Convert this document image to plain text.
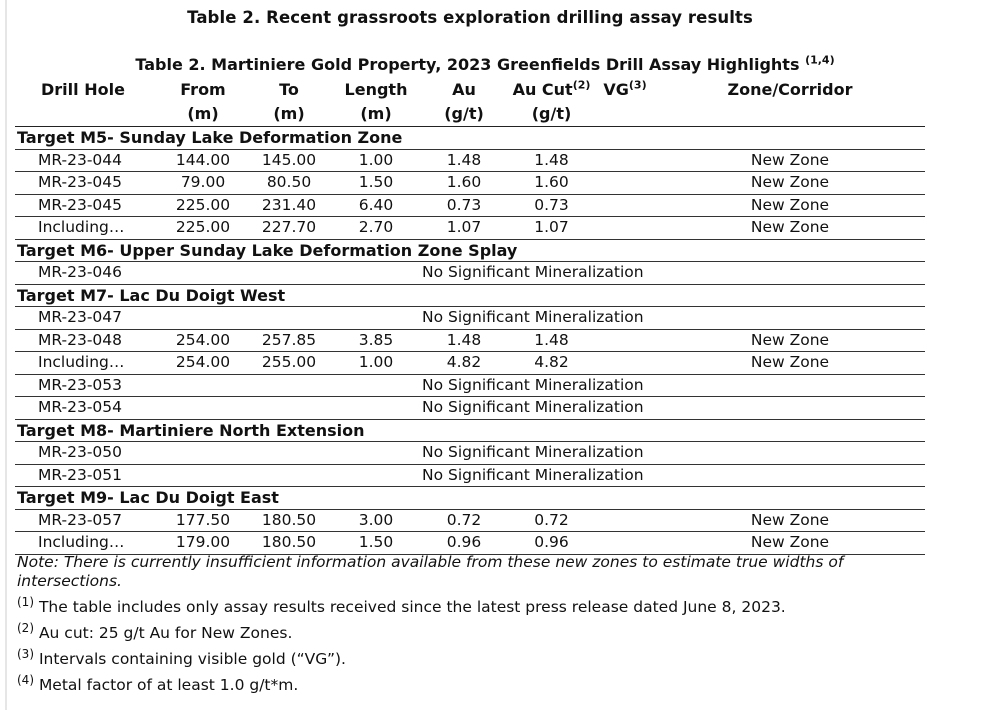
Table 2. Recent grassroots exploration drilling assay results
Table 2. Martiniere Gold Property, 2023 Greenfields Drill Assay Highlights $^{(1,4)}$
Drill Hole	From	To	Length	Au	Au Cut$^{(2)}$	VG$^{(3)}$	Zone/Corridor
	(m)	(m)	(m)	(g/t)	(g/t)		
Target M5- Sunday Lake Deformation Zone							
MR-23-044	144.00	145.00	1.00	1.48	1.48		New Zone
MR-23-045	79.00	80.50	1.50	1.60	1.60		New Zone
MR-23-045	225.00	231.40	6.40	0.73	0.73		New Zone
Including…	225.00	227.70	2.70	1.07	1.07		New Zone
Target M6- Upper Sunday Lake Deformation Zone Splay							
MR-23-046				No Significant Mineralization			
Target M7- Lac Du Doigt West							
MR-23-047				No Significant Mineralization			
MR-23-048	254.00	257.85	3.85	1.48	1.48		New Zone
Including…	254.00	255.00	1.00	4.82	4.82		New Zone
MR-23-053				No Significant Mineralization			
MR-23-054				No Significant Mineralization			
Target M8- Martiniere North Extension							
MR-23-050				No Significant Mineralization			
MR-23-051				No Significant Mineralization			
Target M9- Lac Du Doigt East							
MR-23-057	177.50	180.50	3.00	0.72	0.72		New Zone
Including…	179.00	180.50	1.50	0.96	0.96		New Zone
Note: There is currently insufficient information available from these new zones to estimate true widths of intersections.
$^{(1)}$ The table includes only assay results received since the latest press release dated June 8, 2023.
$^{(2)}$ Au cut: 25 g/t Au for New Zones.
$^{(3)}$ Intervals containing visible gold (“VG”).
$^{(4)}$ Metal factor of at least 1.0 g/t*m.
